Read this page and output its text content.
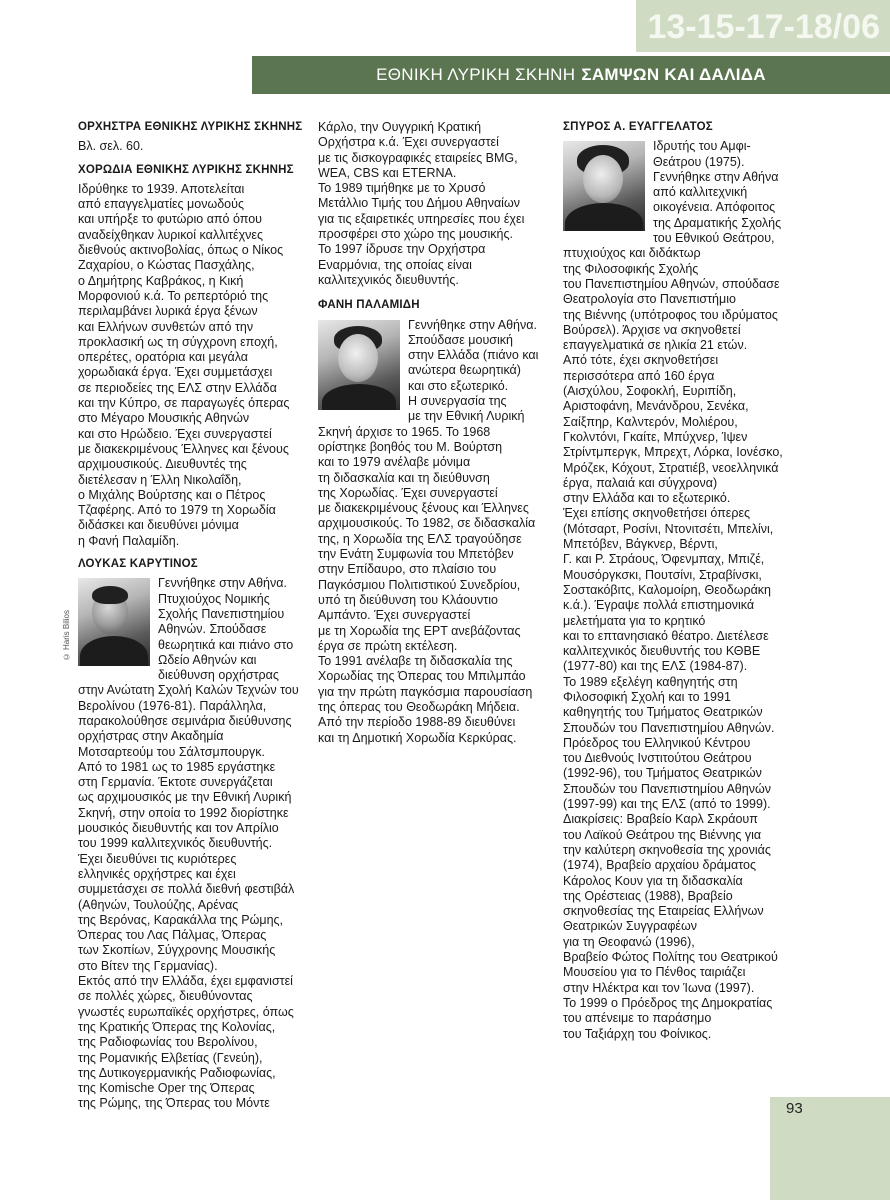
13-15-17-18/06
ΕΘΝΙΚΗ ΛΥΡΙΚΗ ΣΚΗΝΗ ΣΑΜΨΩΝ ΚΑΙ ΔΑΛΙΔΑ
ΟΡΧΗΣΤΡΑ ΕΘΝΙΚΗΣ ΛΥΡΙΚΗΣ ΣΚΗΝΗΣ
Βλ. σελ. 60.
ΧΟΡΩΔΙΑ ΕΘΝΙΚΗΣ ΛΥΡΙΚΗΣ ΣΚΗΝΗΣ
Ιδρύθηκε το 1939. Αποτελείται
από επαγγελματίες μονωδούς
και υπήρξε το φυτώριο από όπου
αναδείχθηκαν λυρικοί καλλιτέχνες
διεθνούς ακτινοβολίας, όπως ο Νίκος
Ζαχαρίου, ο Κώστας Πασχάλης,
ο Δημήτρης Καβράκος, η Κική
Μορφονιού κ.ά. Το ρεπερτόριό της
περιλαμβάνει λυρικά έργα ξένων
και Ελλήνων συνθετών από την
προκλασική ως τη σύγχρονη εποχή,
οπερέτες, ορατόρια και μεγάλα
χορωδιακά έργα. Έχει συμμετάσχει
σε περιοδείες της ΕΛΣ στην Ελλάδα
και την Κύπρο, σε παραγωγές όπερας
στο Μέγαρο Μουσικής Αθηνών
και στο Ηρώδειο. Έχει συνεργαστεί
με διακεκριμένους Έλληνες και ξένους
αρχιμουσικούς. Διευθυντές της
διετέλεσαν η Έλλη Νικολαΐδη,
ο Μιχάλης Βούρτσης και ο Πέτρος
Τζαφέρης. Από το 1979 τη Χορωδία
διδάσκει και διευθύνει μόνιμα
η Φανή Παλαμίδη.
ΛΟΥΚΑΣ ΚΑΡΥΤΙΝΟΣ
Γεννήθηκε στην Αθήνα.
Πτυχιούχος Νομικής
Σχολής Πανεπιστημίου
Αθηνών. Σπούδασε
θεωρητικά και πιάνο στο
Ωδείο Αθηνών και
διεύθυνση ορχήστρας
στην Ανώτατη Σχολή Καλών Τεχνών του
Βερολίνου (1976-81). Παράλληλα,
παρακολούθησε σεμινάρια διεύθυνσης
ορχήστρας στην Ακαδημία
Μοτσαρτεούμ του Σάλτσμπουργκ.
Από το 1981 ως το 1985 εργάστηκε
στη Γερμανία. Έκτοτε συνεργάζεται
ως αρχιμουσικός με την Εθνική Λυρική
Σκηνή, στην οποία το 1992 διορίστηκε
μουσικός διευθυντής και τον Απρίλιο
του 1999 καλλιτεχνικός διευθυντής.
Έχει διευθύνει τις κυριότερες
ελληνικές ορχήστρες και έχει
συμμετάσχει σε πολλά διεθνή φεστιβάλ
(Αθηνών, Τουλούζης, Αρένας
της Βερόνας, Καρακάλλα της Ρώμης,
Όπερας του Λας Πάλμας, Όπερας
των Σκοπίων, Σύγχρονης Μουσικής
στο Βίτεν της Γερμανίας).
Εκτός από την Ελλάδα, έχει εμφανιστεί
σε πολλές χώρες, διευθύνοντας
γνωστές ευρωπαϊκές ορχήστρες, όπως
της Κρατικής Όπερας της Κολονίας,
της Ραδιοφωνίας του Βερολίνου,
της Ρομανικής Ελβετίας (Γενεύη),
της Δυτικογερμανικής Ραδιοφωνίας,
της Komische Oper της Όπερας
της Ρώμης, της Όπερας του Μόντε
© Haris Bilios
Κάρλο, την Ουγγρική Κρατική
Ορχήστρα κ.ά. Έχει συνεργαστεί
με τις δισκογραφικές εταιρείες BMG,
WEA, CBS και ETERNA.
Το 1989 τιμήθηκε με το Χρυσό
Μετάλλιο Τιμής του Δήμου Αθηναίων
για τις εξαιρετικές υπηρεσίες που έχει
προσφέρει στο χώρο της μουσικής.
Το 1997 ίδρυσε την Ορχήστρα
Εναρμόνια, της οποίας είναι
καλλιτεχνικός διευθυντής.
ΦΑΝΗ ΠΑΛΑΜΙΔΗ
Γεννήθηκε στην Αθήνα.
Σπούδασε μουσική
στην Ελλάδα (πιάνο και
ανώτερα θεωρητικά)
και στο εξωτερικό.
Η συνεργασία της
με την Εθνική Λυρική
Σκηνή άρχισε το 1965. Το 1968
ορίστηκε βοηθός του Μ. Βούρτση
και το 1979 ανέλαβε μόνιμα
τη διδασκαλία και τη διεύθυνση
της Χορωδίας. Έχει συνεργαστεί
με διακεκριμένους ξένους και Έλληνες
αρχιμουσικούς. Το 1982, σε διδασκαλία
της, η Χορωδία της ΕΛΣ τραγούδησε
την Ενάτη Συμφωνία του Μπετόβεν
στην Επίδαυρο, στο πλαίσιο του
Παγκόσμιου Πολιτιστικού Συνεδρίου,
υπό τη διεύθυνση του Κλάουντιο
Αμπάντο. Έχει συνεργαστεί
με τη Χορωδία της ΕΡΤ ανεβάζοντας
έργα σε πρώτη εκτέλεση.
Το 1991 ανέλαβε τη διδασκαλία της
Χορωδίας της Όπερας του Μπιλμπάο
για την πρώτη παγκόσμια παρουσίαση
της όπερας του Θεοδωράκη Μήδεια.
Από την περίοδο 1988-89 διευθύνει
και τη Δημοτική Χορωδία Κερκύρας.
ΣΠΥΡΟΣ Α. ΕΥΑΓΓΕΛΑΤΟΣ
Ιδρυτής του Αμφι-
Θεάτρου (1975).
Γεννήθηκε στην Αθήνα
από καλλιτεχνική
οικογένεια. Απόφοιτος
της Δραματικής Σχολής
του Εθνικού Θεάτρου,
πτυχιούχος και διδάκτωρ
της Φιλοσοφικής Σχολής
του Πανεπιστημίου Αθηνών, σπούδασε
Θεατρολογία στο Πανεπιστήμιο
της Βιέννης (υπότροφος του ιδρύματος
Βούρσελ). Άρχισε να σκηνοθετεί
επαγγελματικά σε ηλικία 21 ετών.
Από τότε, έχει σκηνοθετήσει
περισσότερα από 160 έργα
(Αισχύλου, Σοφοκλή, Ευριπίδη,
Αριστοφάνη, Μενάνδρου, Σενέκα,
Σαίξπηρ, Καλντερόν, Μολιέρου,
Γκολντόνι, Γκαίτε, Μπύχνερ, Ίψεν
Στρίντμπεργκ, Μπρεχτ, Λόρκα, Ιονέσκο,
Μρόζεκ, Κόχουτ, Στρατιέβ, νεοελληνικά
έργα, παλαιά και σύγχρονα)
στην Ελλάδα και το εξωτερικό.
Έχει επίσης σκηνοθετήσει όπερες
(Μότσαρτ, Ροσίνι, Ντονιτσέτι, Μπελίνι,
Μπετόβεν, Βάγκνερ, Βέρντι,
Γ. και Ρ. Στράους, Όφενμπαχ, Μπιζέ,
Μουσόργκσκι, Πουτσίνι, Στραβίνσκι,
Σοστακόβιτς, Καλομοίρη, Θεοδωράκη
κ.ά.). Έγραψε πολλά επιστημονικά
μελετήματα για το κρητικό
και το επτανησιακό θέατρο. Διετέλεσε
καλλιτεχνικός διευθυντής του ΚΘΒΕ
(1977-80) και της ΕΛΣ (1984-87).
Το 1989 εξελέγη καθηγητής στη
Φιλοσοφική Σχολή και το 1991
καθηγητής του Τμήματος Θεατρικών
Σπουδών του Πανεπιστημίου Αθηνών.
Πρόεδρος του Ελληνικού Κέντρου
του Διεθνούς Ινστιτούτου Θεάτρου
(1992-96), του Τμήματος Θεατρικών
Σπουδών του Πανεπιστημίου Αθηνών
(1997-99) και της ΕΛΣ (από το 1999).
Διακρίσεις: Βραβείο Καρλ Σκράουπ
του Λαϊκού Θεάτρου της Βιέννης για
την καλύτερη σκηνοθεσία της χρονιάς
(1974), Βραβείο αρχαίου δράματος
Κάρολος Κουν για τη διδασκαλία
της Ορέστειας (1988), Βραβείο
σκηνοθεσίας της Εταιρείας Ελλήνων
Θεατρικών Συγγραφέων
για τη Θεοφανώ (1996),
Βραβείο Φώτος Πολίτης του Θεατρικού
Μουσείου για το Πένθος ταιριάζει
στην Ηλέκτρα και τον Ίωνα (1997).
Το 1999 ο Πρόεδρος της Δημοκρατίας
του απένειμε το παράσημο
του Ταξιάρχη του Φοίνικος.
93
